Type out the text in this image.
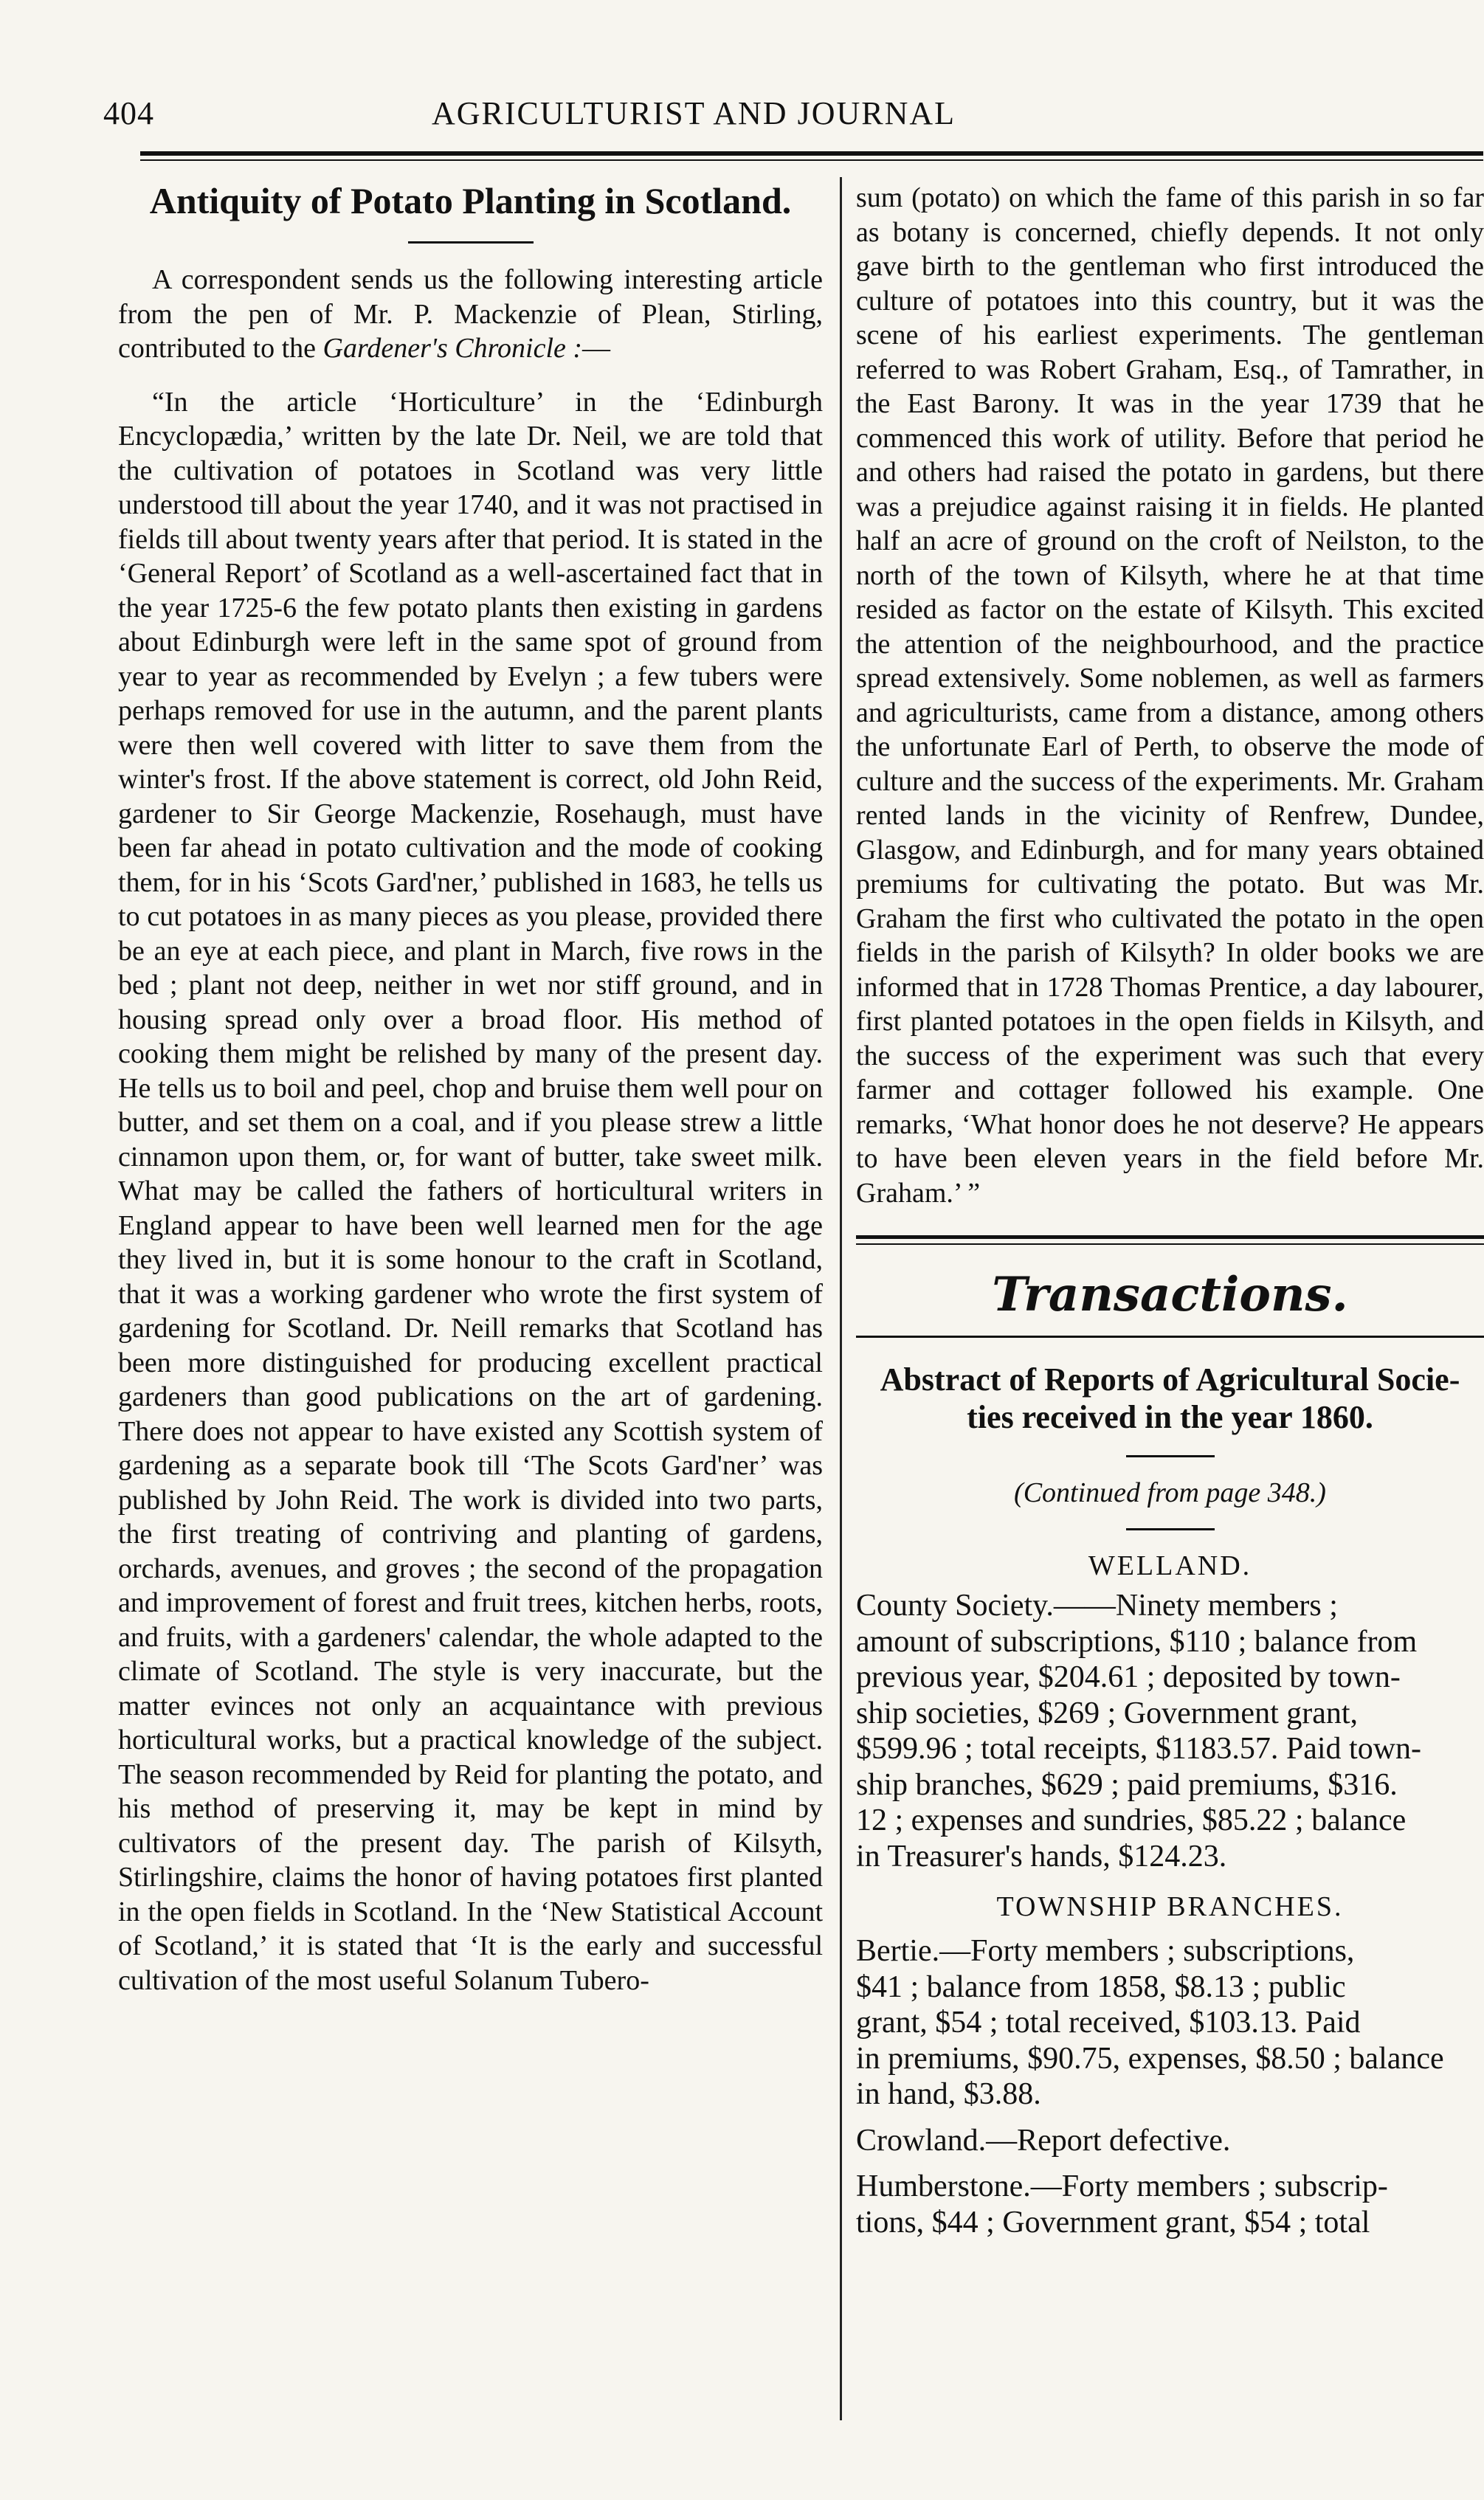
404	AGRICULTURIST AND JOURNAL
Antiquity of Potato Planting in Scotland.

A correspondent sends us the following interesting article from the pen of Mr. P. Mackenzie of Plean, Stirling, contributed to the Gardener's Chronicle :—

“In the article ‘Horticulture’ in the ‘Edinburgh Encyclopædia,’ written by the late Dr. Neil, we are told that the cultivation of potatoes in Scotland was very little understood till about the year 1740, and it was not practised in fields till about twenty years after that period. It is stated in the ‘General Report’ of Scotland as a well-ascertained fact that in the year 1725-6 the few potato plants then existing in gardens about Edinburgh were left in the same spot of ground from year to year as recommended by Evelyn ; a few tubers were perhaps removed for use in the autumn, and the parent plants were then well covered with litter to save them from the winter's frost. If the above statement is correct, old John Reid, gardener to Sir George Mackenzie, Rosehaugh, must have been far ahead in potato cultivation and the mode of cooking them, for in his ‘Scots Gard'ner,’ published in 1683, he tells us to cut potatoes in as many pieces as you please, provided there be an eye at each piece, and plant in March, five rows in the bed ; plant not deep, neither in wet nor stiff ground, and in housing spread only over a broad floor. His method of cooking them might be relished by many of the present day. He tells us to boil and peel, chop and bruise them well pour on butter, and set them on a coal, and if you please strew a little cinnamon upon them, or, for want of butter, take sweet milk. What may be called the fathers of horticultural writers in England appear to have been well learned men for the age they lived in, but it is some honour to the craft in Scotland, that it was a working gardener who wrote the first system of gardening for Scotland. Dr. Neill remarks that Scotland has been more distinguished for producing excellent practical gardeners than good publications on the art of gardening. There does not appear to have existed any Scottish system of gardening as a separate book till ‘The Scots Gard'ner’ was published by John Reid. The work is divided into two parts, the first treating of contriving and planting of gardens, orchards, avenues, and groves ; the second of the propagation and improvement of forest and fruit trees, kitchen herbs, roots, and fruits, with a gardeners' calendar, the whole adapted to the climate of Scotland. The style is very inaccurate, but the matter evinces not only an acquaintance with previous horticultural works, but a practical knowledge of the subject. The season recommended by Reid for planting the potato, and his method of preserving it, may be kept in mind by cultivators of the present day. The parish of Kilsyth, Stirlingshire, claims the honor of having potatoes first planted in the open fields in Scotland. In the ‘New Statistical Account of Scotland,’ it is stated that ‘It is the early and successful cultivation of the most useful Solanum Tubero-

sum (potato) on which the fame of this parish in so far as botany is concerned, chiefly depends. It not only gave birth to the gentleman who first introduced the culture of potatoes into this country, but it was the scene of his earliest experiments. The gentleman referred to was Robert Graham, Esq., of Tamrather, in the East Barony. It was in the year 1739 that he commenced this work of utility. Before that period he and others had raised the potato in gardens, but there was a prejudice against raising it in fields. He planted half an acre of ground on the croft of Neilston, to the north of the town of Kilsyth, where he at that time resided as factor on the estate of Kilsyth. This excited the attention of the neighbourhood, and the practice spread extensively. Some noblemen, as well as farmers and agriculturists, came from a distance, among others the unfortunate Earl of Perth, to observe the mode of culture and the success of the experiments. Mr. Graham rented lands in the vicinity of Renfrew, Dundee, Glasgow, and Edinburgh, and for many years obtained premiums for cultivating the potato. But was Mr. Graham the first who cultivated the potato in the open fields in the parish of Kilsyth? In older books we are informed that in 1728 Thomas Prentice, a day labourer, first planted potatoes in the open fields in Kilsyth, and the success of the experiment was such that every farmer and cottager followed his example. One remarks, ‘What honor does he not deserve? He appears to have been eleven years in the field before Mr. Graham.’ ”

Transactions.
Abstract of Reports of Agricultural Socie-
ties received in the year 1860.

(Continued from page 348.)

WELLAND.

County Society.——Ninety members ;

amount of subscriptions, $110 ; balance from

previous year, $204.61 ; deposited by town-

ship societies, $269 ; Government grant,

$599.96 ; total receipts, $1183.57. Paid town-

ship branches, $629 ; paid premiums, $316.

12 ; expenses and sundries, $85.22 ; balance

in Treasurer's hands, $124.23.

TOWNSHIP BRANCHES.

Bertie.—Forty members ; subscriptions,

$41 ; balance from 1858, $8.13 ; public

grant, $54 ; total received, $103.13. Paid

in premiums, $90.75, expenses, $8.50 ; balance

in hand, $3.88.

Crowland.—Report defective.

Humberstone.—Forty members ; subscrip-

tions, $44 ; Government grant, $54 ; total
